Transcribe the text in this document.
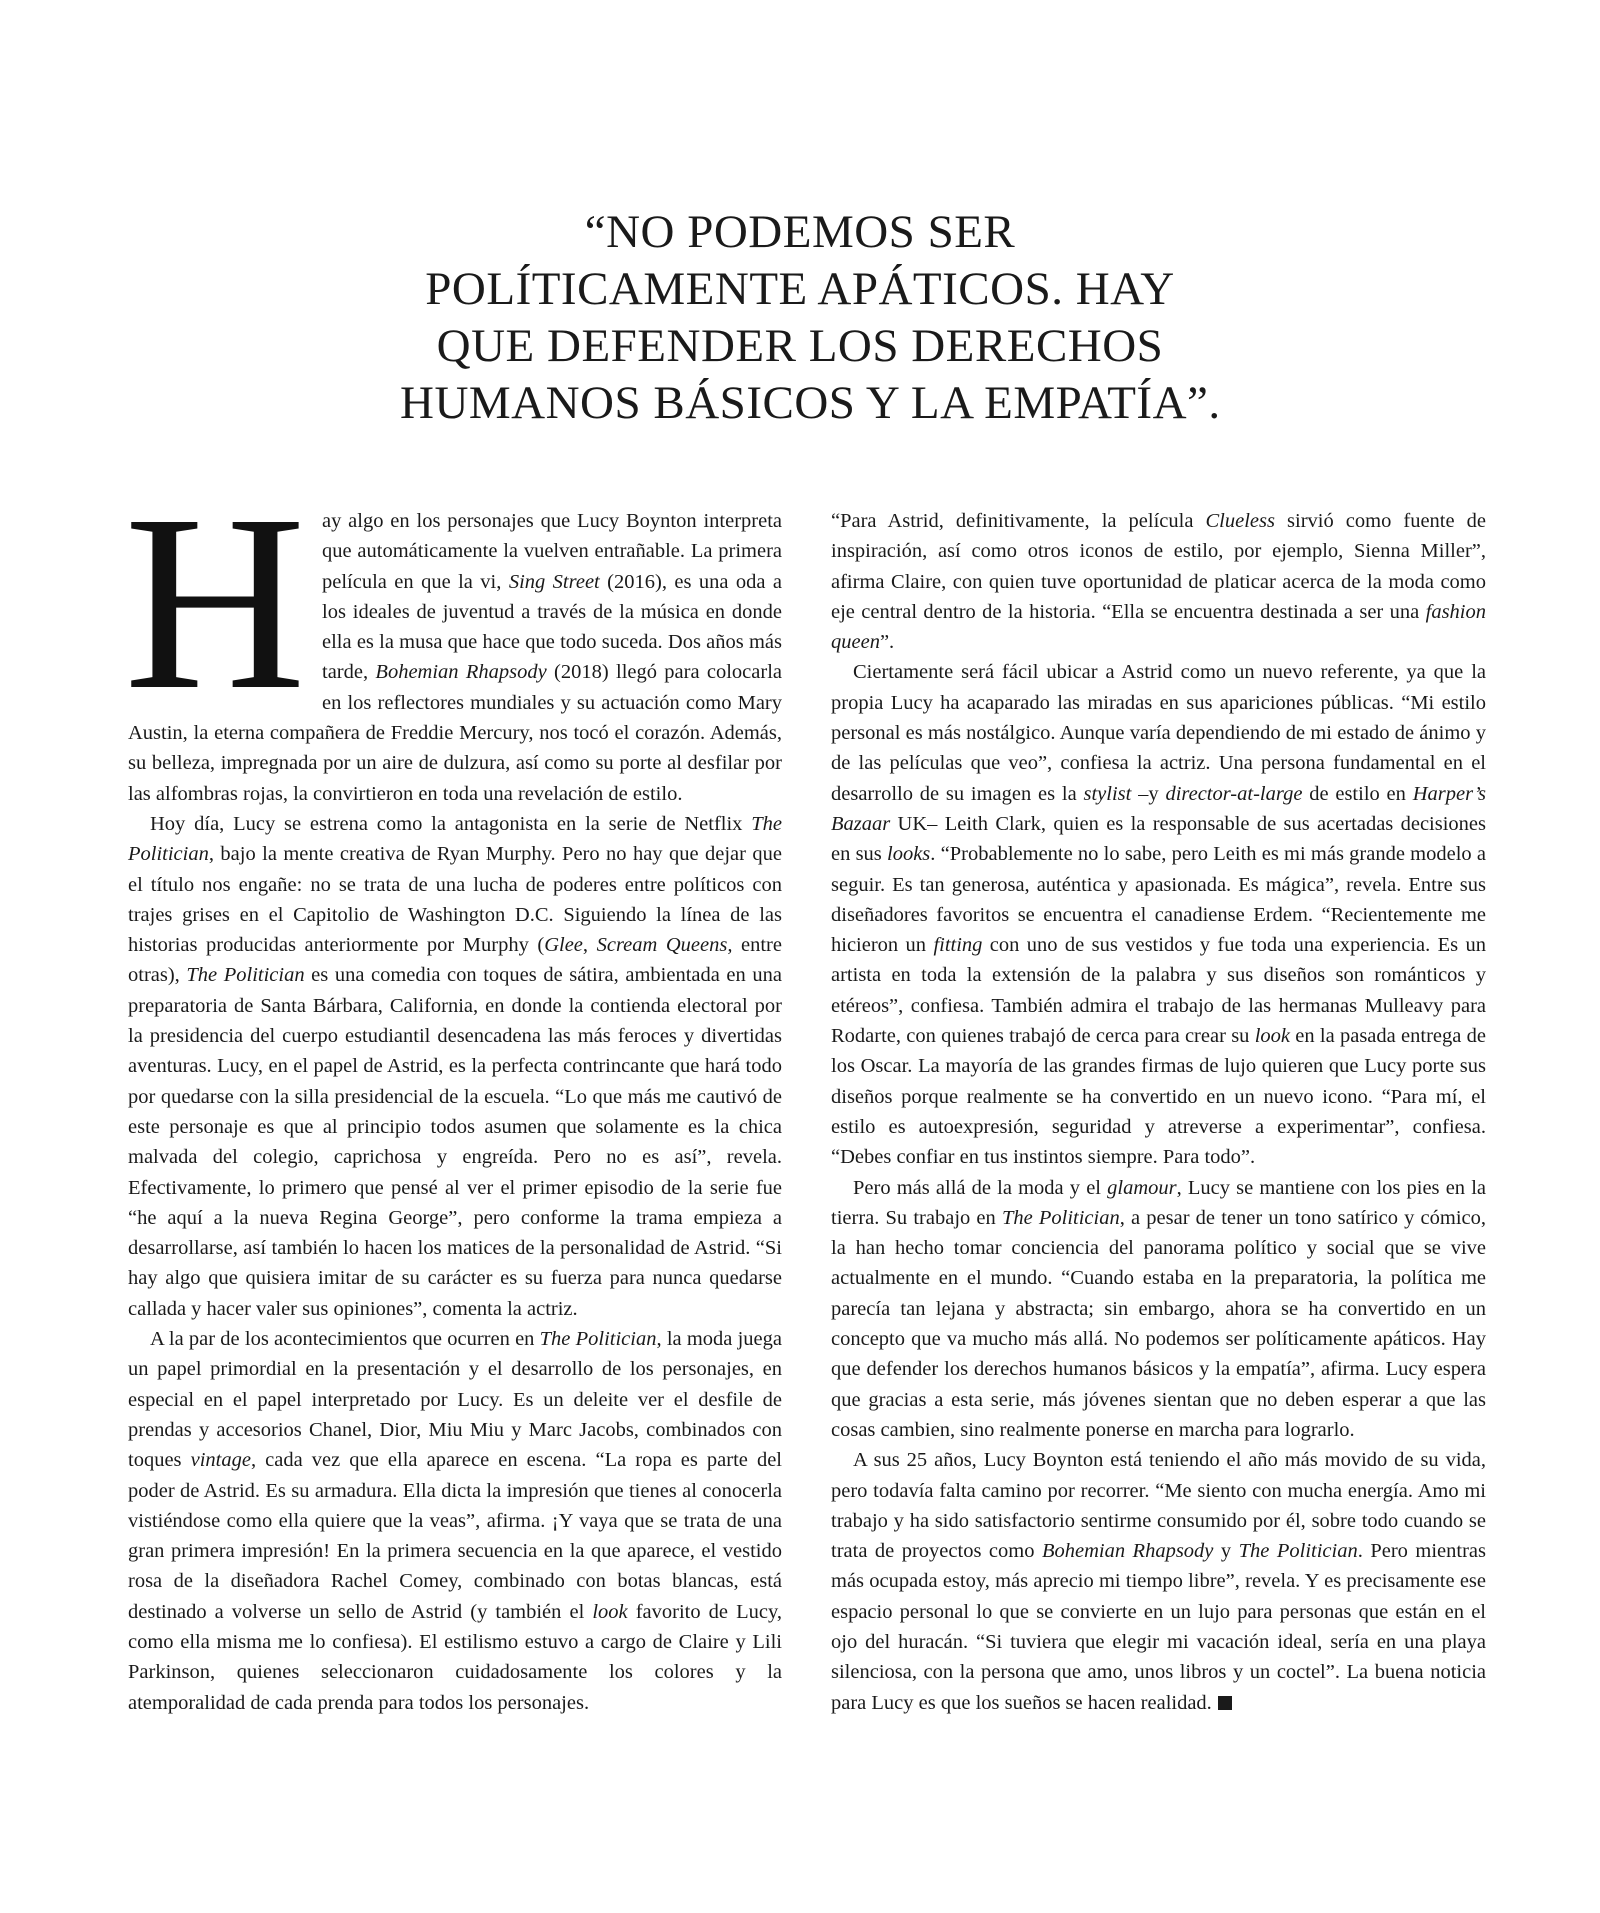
“NO PODEMOS SER
POLÍTICAMENTE APÁTICOS. HAY
QUE DEFENDER LOS DERECHOS
HUMANOS BÁSICOS Y LA EMPATÍA”.

Hay algo en los personajes que Lucy Boynton interpreta que automáticamente la vuelven entrañable. La primera película en que la vi, Sing Street (2016), es una oda a los ideales de juventud a través de la música en donde ella es la musa que hace que todo suceda. Dos años más tarde, Bohemian Rhapsody (2018) llegó para colocarla en los reflectores mundiales y su actuación como Mary Austin, la eterna compañera de Freddie Mercury, nos tocó el corazón. Además, su belleza, impregnada por un aire de dulzura, así como su porte al desfilar por las alfombras rojas, la convirtieron en toda una revelación de estilo.

Hoy día, Lucy se estrena como la antagonista en la serie de Netflix The Politician, bajo la mente creativa de Ryan Murphy. Pero no hay que dejar que el título nos engañe: no se trata de una lucha de poderes entre políticos con trajes grises en el Capitolio de Washington D.C. Siguiendo la línea de las historias producidas anteriormente por Murphy (Glee, Scream Queens, entre otras), The Politician es una comedia con toques de sátira, ambientada en una preparatoria de Santa Bárbara, California, en donde la contienda electoral por la presidencia del cuerpo estudiantil desencadena las más feroces y divertidas aventuras. Lucy, en el papel de Astrid, es la perfecta contrincante que hará todo por quedarse con la silla presidencial de la escuela. “Lo que más me cautivó de este personaje es que al principio todos asumen que solamente es la chica malvada del colegio, caprichosa y engreída. Pero no es así”, revela. Efectivamente, lo primero que pensé al ver el primer episodio de la serie fue “he aquí a la nueva Regina George”, pero conforme la trama empieza a desarrollarse, así también lo hacen los matices de la personalidad de Astrid. “Si hay algo que quisiera imitar de su carácter es su fuerza para nunca quedarse callada y hacer valer sus opiniones”, comenta la actriz.

A la par de los acontecimientos que ocurren en The Politician, la moda juega un papel primordial en la presentación y el desarrollo de los personajes, en especial en el papel interpretado por Lucy. Es un deleite ver el desfile de prendas y accesorios Chanel, Dior, Miu Miu y Marc Jacobs, combinados con toques vintage, cada vez que ella aparece en escena. “La ropa es parte del poder de Astrid. Es su armadura. Ella dicta la impresión que tienes al conocerla vistiéndose como ella quiere que la veas”, afirma. ¡Y vaya que se trata de una gran primera impresión! En la primera secuencia en la que aparece, el vestido rosa de la diseñadora Rachel Comey, combinado con botas blancas, está destinado a volverse un sello de Astrid (y también el look favorito de Lucy, como ella misma me lo confiesa). El estilismo estuvo a cargo de Claire y Lili Parkinson, quienes seleccionaron cuidadosamente los colores y la atemporalidad de cada prenda para todos los personajes.

“Para Astrid, definitivamente, la película Clueless sirvió como fuente de inspiración, así como otros iconos de estilo, por ejemplo, Sienna Miller”, afirma Claire, con quien tuve oportunidad de platicar acerca de la moda como eje central dentro de la historia. “Ella se encuentra destinada a ser una fashion queen”.

Ciertamente será fácil ubicar a Astrid como un nuevo referente, ya que la propia Lucy ha acaparado las miradas en sus apariciones públicas. “Mi estilo personal es más nostálgico. Aunque varía dependiendo de mi estado de ánimo y de las películas que veo”, confiesa la actriz. Una persona fundamental en el desarrollo de su imagen es la stylist –y director-at-large de estilo en Harper’s Bazaar UK– Leith Clark, quien es la responsable de sus acertadas decisiones en sus looks. “Probablemente no lo sabe, pero Leith es mi más grande modelo a seguir. Es tan generosa, auténtica y apasionada. Es mágica”, revela. Entre sus diseñadores favoritos se encuentra el canadiense Erdem. “Recientemente me hicieron un fitting con uno de sus vestidos y fue toda una experiencia. Es un artista en toda la extensión de la palabra y sus diseños son románticos y etéreos”, confiesa. También admira el trabajo de las hermanas Mulleavy para Rodarte, con quienes trabajó de cerca para crear su look en la pasada entrega de los Oscar. La mayoría de las grandes firmas de lujo quieren que Lucy porte sus diseños porque realmente se ha convertido en un nuevo icono. “Para mí, el estilo es autoexpresión, seguridad y atreverse a experimentar”, confiesa. “Debes confiar en tus instintos siempre. Para todo”.

Pero más allá de la moda y el glamour, Lucy se mantiene con los pies en la tierra. Su trabajo en The Politician, a pesar de tener un tono satírico y cómico, la han hecho tomar conciencia del panorama político y social que se vive actualmente en el mundo. “Cuando estaba en la preparatoria, la política me parecía tan lejana y abstracta; sin embargo, ahora se ha convertido en un concepto que va mucho más allá. No podemos ser políticamente apáticos. Hay que defender los derechos humanos básicos y la empatía”, afirma. Lucy espera que gracias a esta serie, más jóvenes sientan que no deben esperar a que las cosas cambien, sino realmente ponerse en marcha para lograrlo.

A sus 25 años, Lucy Boynton está teniendo el año más movido de su vida, pero todavía falta camino por recorrer. “Me siento con mucha energía. Amo mi trabajo y ha sido satisfactorio sentirme consumido por él, sobre todo cuando se trata de proyectos como Bohemian Rhapsody y The Politician. Pero mientras más ocupada estoy, más aprecio mi tiempo libre”, revela. Y es precisamente ese espacio personal lo que se convierte en un lujo para personas que están en el ojo del huracán. “Si tuviera que elegir mi vacación ideal, sería en una playa silenciosa, con la persona que amo, unos libros y un coctel”. La buena noticia para Lucy es que los sueños se hacen realidad.
